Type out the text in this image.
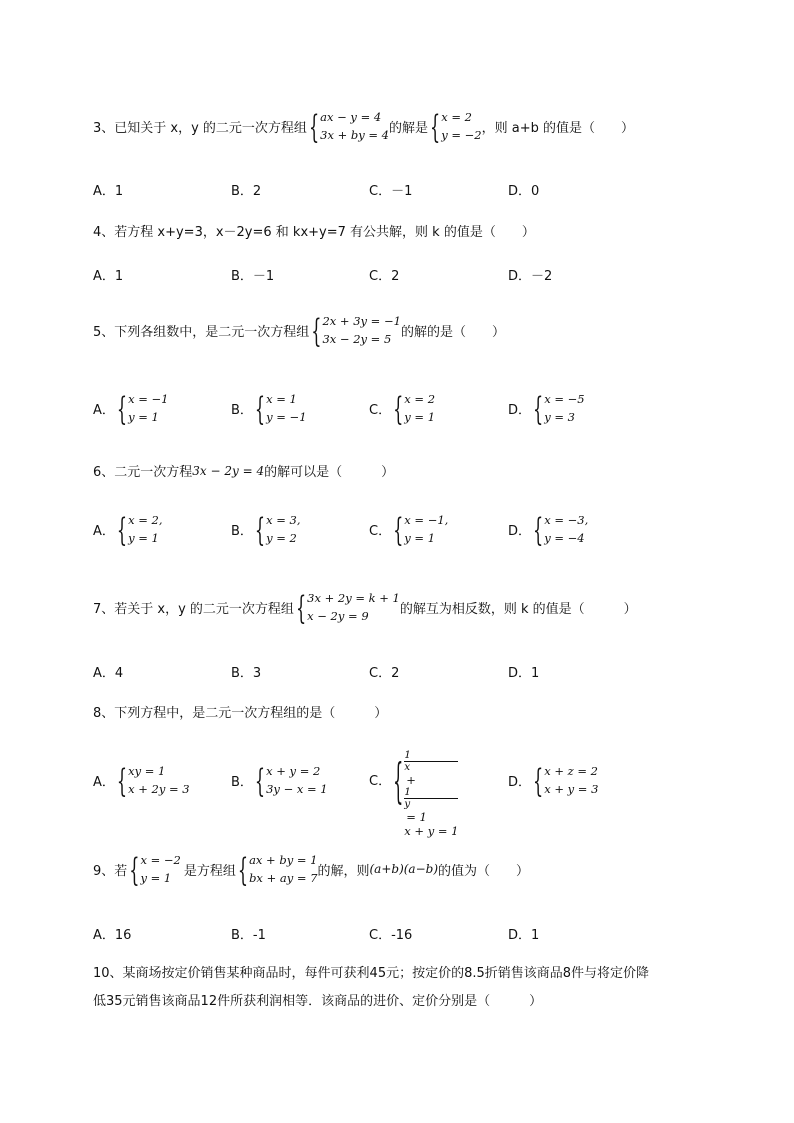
3、已知关于 x，y 的二元一次方程组 { ax − y = 4
3x + by = 4 的解是 { x = 2
y = −2 ，则 a+b 的值是（　　）
A．1	B．2	C．－1	D．0
4、若方程 x+y=3，x－2y=6 和 kx+y=7 有公共解，则 k 的值是（　　）
A．1	B．－1	C．2	D．－2
5、下列各组数中，是二元一次方程组 { 2x + 3y = −1
3x − 2y = 5 的解的是（　　）
A． { x = −1
y = 1	B． { x = 1
y = −1	C． { x = 2
y = 1	D． { x = −5
y = 3
6、二元一次方程 3x − 2y = 4 的解可以是（　　　）
A． { x = 2,
y = 1	B． { x = 3,
y = 2	C． { x = −1,
y = 1	D． { x = −3,
y = −4
7、若关于 x，y 的二元一次方程组 { 3x + 2y = k + 1
x − 2y = 9	的解互为相反数，则 k 的值是（　　　）
A．4	B．3	C．2	D．1
8、下列方程中，是二元一次方程组的是（　　　）
A． { xy = 1
x + 2y = 3	B． { x + y = 2
3y − x = 1
C． { 1
x
+
1
y
= 1
x + y = 1
D． { x + z = 2
x + y = 3
9、若 { x = −2
y = 1 是方程组 { ax + by = 1
bx + ay = 7 的解，则 (a+b)(a−b) 的值为（　　）
A．16	B．-1	C．-16	D．1
10、某商场按定价销售某种商品时，每件可获利45元；按定价的8.5折销售该商品8件与将定价降
低35元销售该商品12件所获利润相等．该商品的进价、定价分别是（　　　）
